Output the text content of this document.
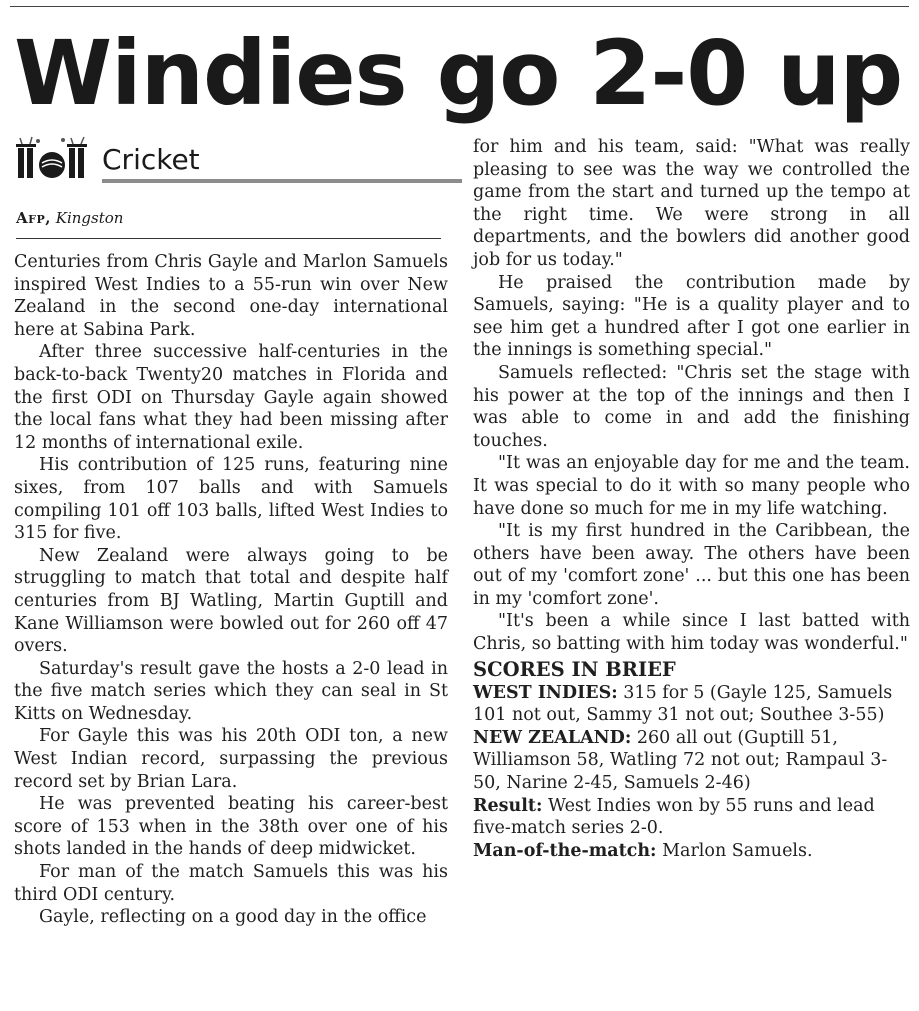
Windies go 2-0 up
Cricket
Afp, Kingston

Centuries from Chris Gayle and Marlon Samuels inspired West Indies to a 55-run win over New Zealand in the second one-day international here at Sabina Park.

After three successive half-centuries in the back-to-back Twenty20 matches in Florida and the first ODI on Thursday Gayle again showed the local fans what they had been missing after 12 months of international exile.

His contribution of 125 runs, featuring nine sixes, from 107 balls and with Samuels compiling 101 off 103 balls, lifted West Indies to 315 for five.

New Zealand were always going to be struggling to match that total and despite half centuries from BJ Watling, Martin Guptill and Kane Williamson were bowled out for 260 off 47 overs.

Saturday's result gave the hosts a 2-0 lead in the five match series which they can seal in St Kitts on Wednesday.

For Gayle this was his 20th ODI ton, a new West Indian record, surpassing the previous record set by Brian Lara.

He was prevented beating his career-best score of 153 when in the 38th over one of his shots landed in the hands of deep midwicket.

For man of the match Samuels this was his third ODI century.

Gayle, reflecting on a good day in the office

for him and his team, said: "What was really pleasing to see was the way we controlled the game from the start and turned up the tempo at the right time. We were strong in all departments, and the bowlers did another good job for us today."

He praised the contribution made by Samuels, saying: "He is a quality player and to see him get a hundred after I got one earlier in the innings is something special."

Samuels reflected: "Chris set the stage with his power at the top of the innings and then I was able to come in and add the finishing touches.

"It was an enjoyable day for me and the team. It was special to do it with so many people who have done so much for me in my life watching.

"It is my first hundred in the Caribbean, the others have been away. The others have been out of my 'comfort zone' ... but this one has been in my 'comfort zone'.

"It's been a while since I last batted with Chris, so batting with him today was wonderful."

SCORES IN BRIEF

WEST INDIES: 315 for 5 (Gayle 125, Samuels 101 not out, Sammy 31 not out; Southee 3-55)

NEW ZEALAND: 260 all out (Guptill 51, Williamson 58, Watling 72 not out; Rampaul 3-50, Narine 2-45, Samuels 2-46)

Result: West Indies won by 55 runs and lead five-match series 2-0.

Man-of-the-match: Marlon Samuels.
